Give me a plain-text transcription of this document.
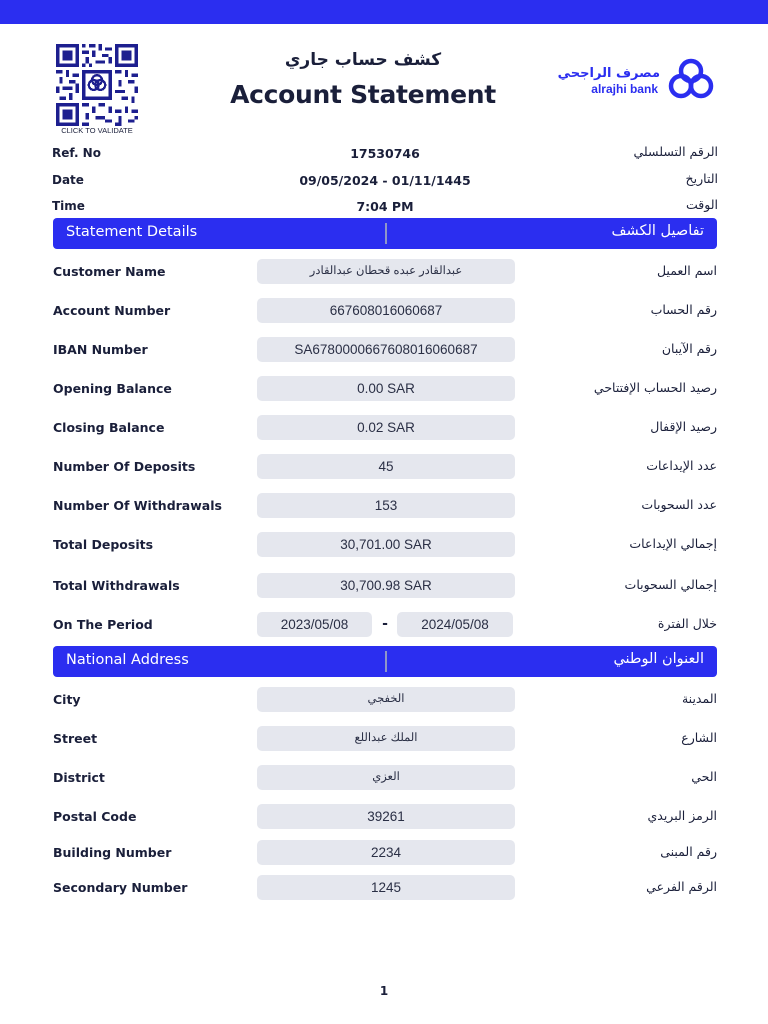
CLICK TO VALIDATE
كشف حساب جاري
Account Statement
مصرف الراجحي
alrajhi bank
Ref. No	17530746	الرقم التسلسلي
Date	09/05/2024 - 01/11/1445	التاريخ
Time	7:04 PM	الوقت
Statement Details	تفاصيل الكشف
Customer Name	عبدالقادر عبده قحطان عبدالقادر	اسم العميل
Account Number	667608016060687	رقم الحساب
IBAN Number	SA6780000667608016060687	رقم الآيبان
Opening Balance	0.00 SAR	رصيد الحساب الإفتتاحي
Closing Balance	0.02 SAR	رصيد الإقفال
Number Of Deposits	45	عدد الإيداعات
Number Of Withdrawals	153	عدد السحوبات
Total Deposits	30,701.00 SAR	إجمالي الإيداعات
Total Withdrawals	30,700.98 SAR	إجمالي السحوبات
On The Period	2023/05/08	-	2024/05/08	خلال الفترة
National Address	العنوان الوطني
City	الخفجي	المدينة
Street	الملك عبداللع	الشارع
District	العزي	الحي
Postal Code	39261	الرمز البريدي
Building Number	2234	رقم المبنى
Secondary Number	1245	الرقم الفرعي
1
